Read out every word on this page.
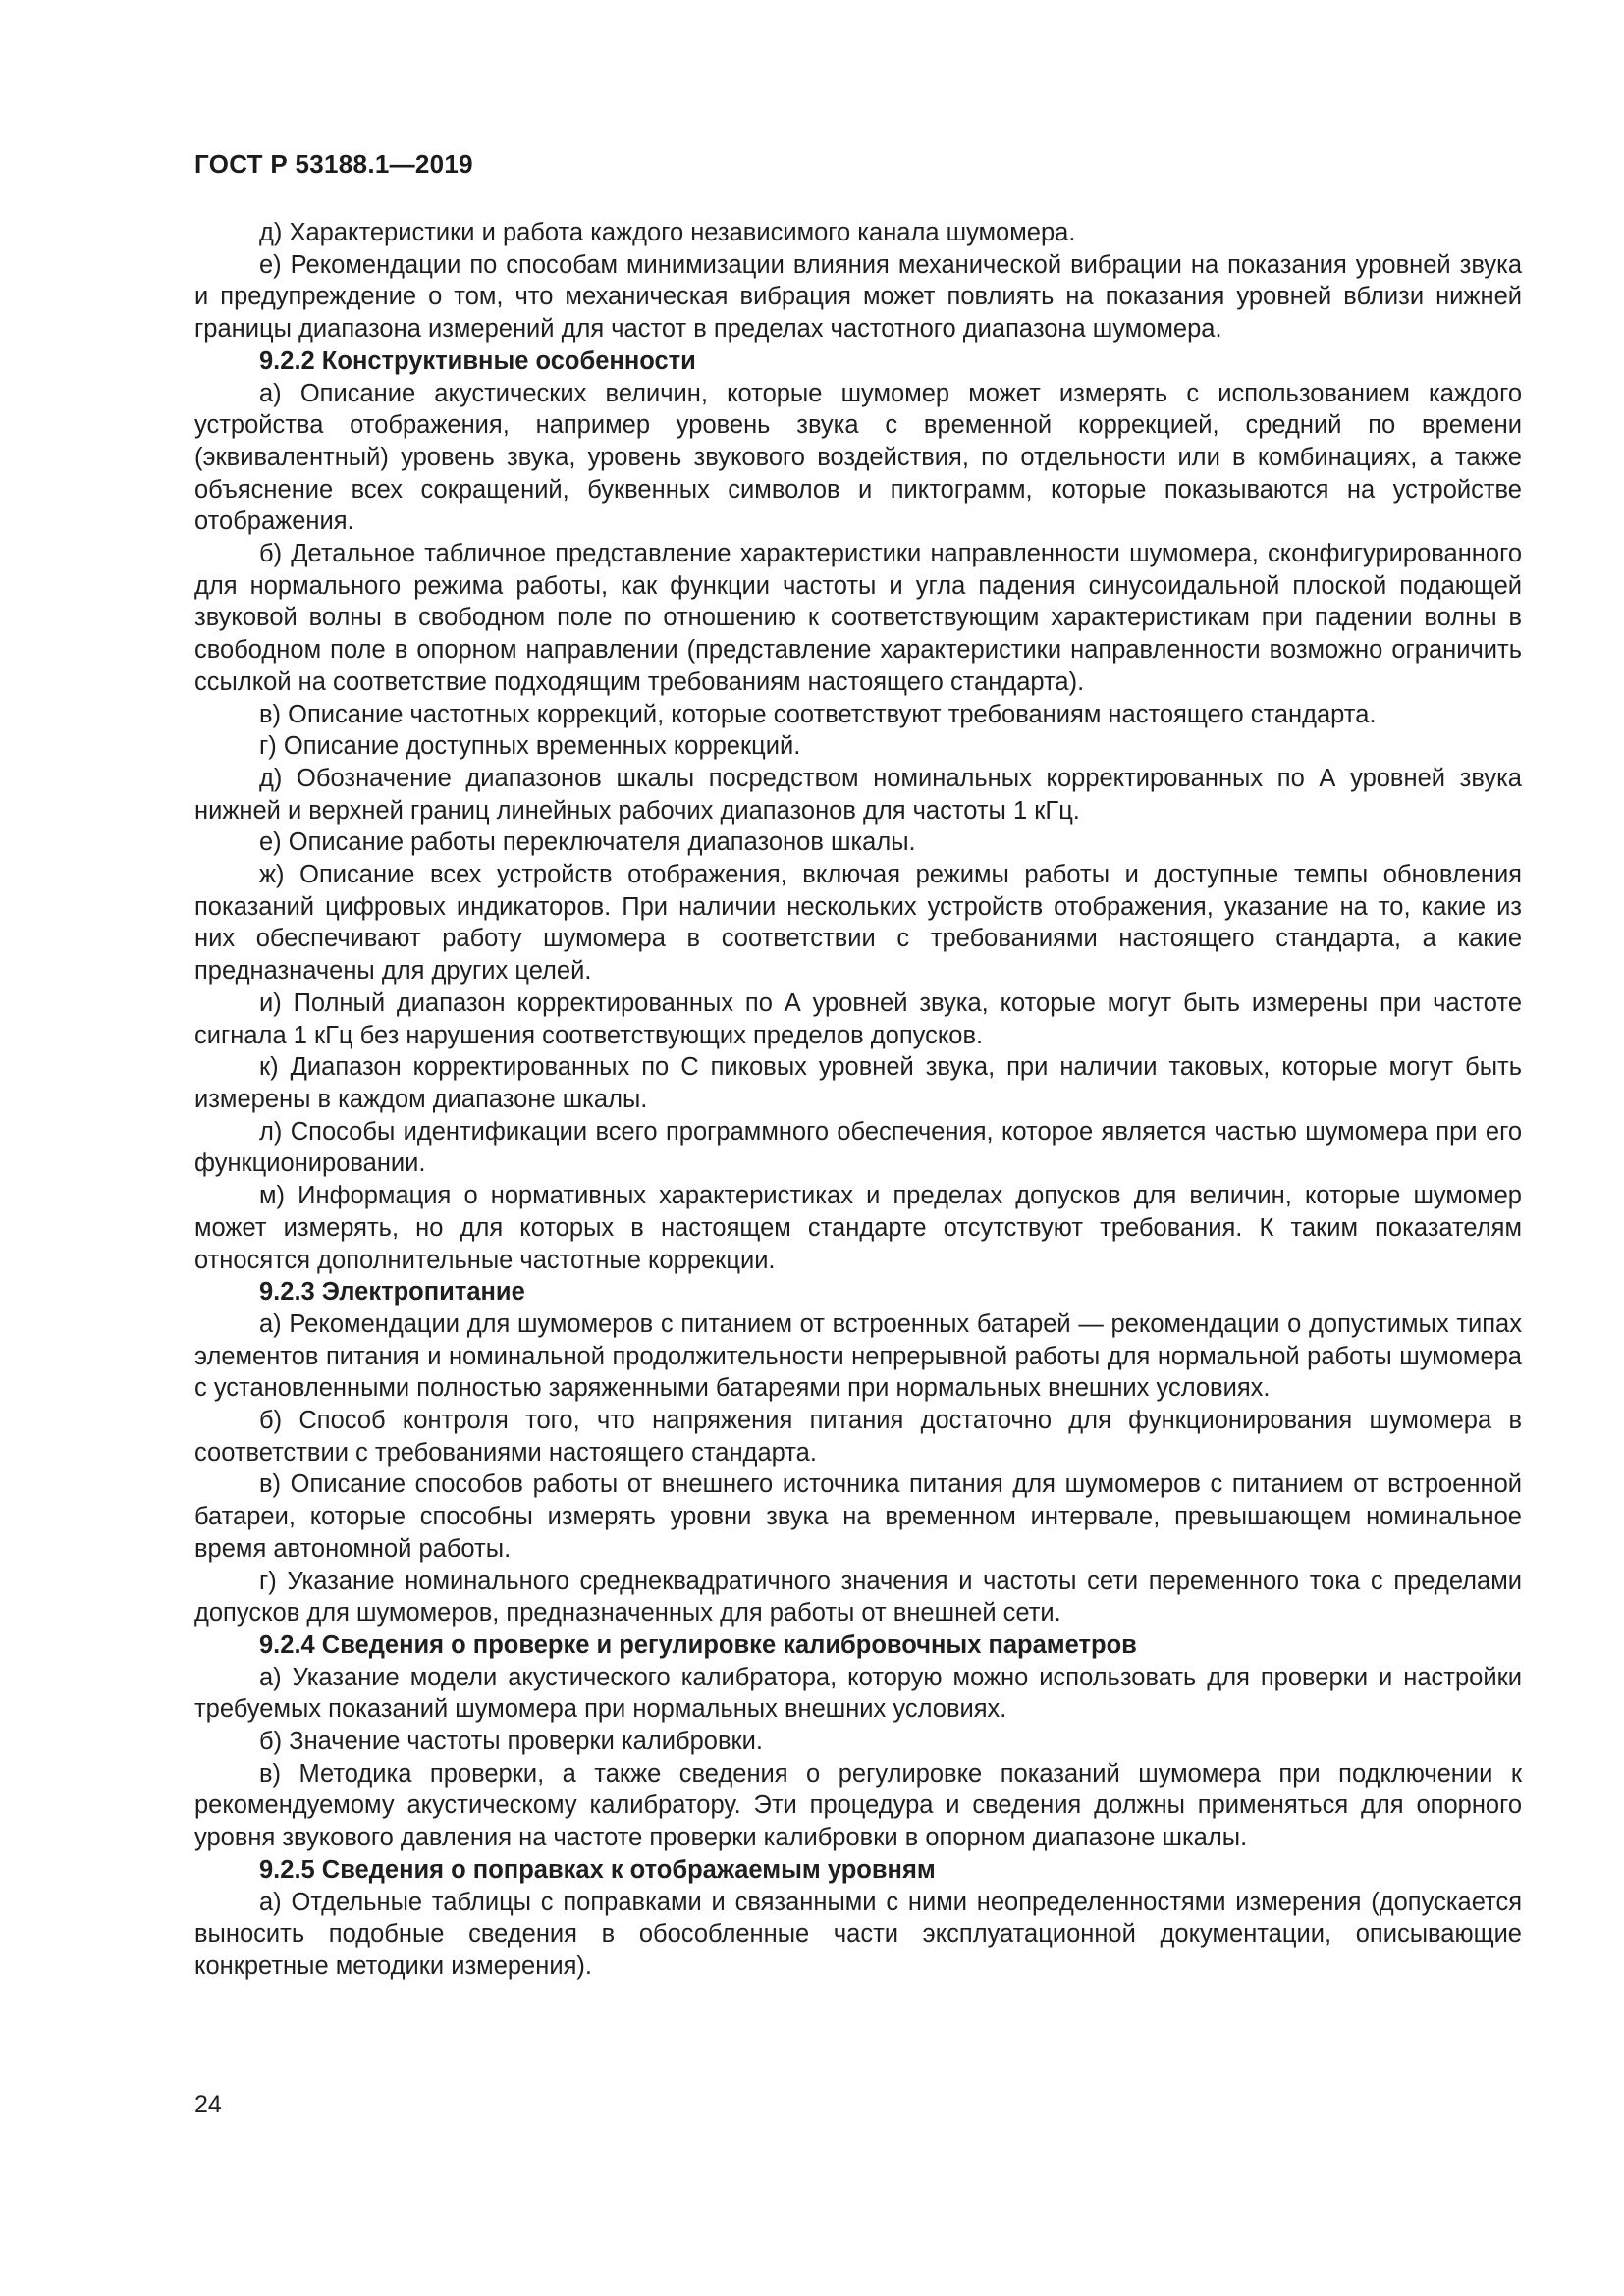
ГОСТ Р 53188.1—2019

д) Характеристики и работа каждого независимого канала шумомера.

е) Рекомендации по способам минимизации влияния механической вибрации на показания уровней звука и предупреждение о том, что механическая вибрация может повлиять на показания уровней вблизи нижней границы диапазона измерений для частот в пределах частотного диапазона шумомера.

9.2.2 Конструктивные особенности

а) Описание акустических величин, которые шумомер может измерять с использованием каждого устройства отображения, например уровень звука с временной коррекцией, средний по времени (эквивалентный) уровень звука, уровень звукового воздействия, по отдельности или в комбинациях, а также объяснение всех сокращений, буквенных символов и пиктограмм, которые показываются на устройстве отображения.

б) Детальное табличное представление характеристики направленности шумомера, сконфигурированного для нормального режима работы, как функции частоты и угла падения синусоидальной плоской подающей звуковой волны в свободном поле по отношению к соответствующим характеристикам при падении волны в свободном поле в опорном направлении (представление характеристики направленности возможно ограничить ссылкой на соответствие подходящим требованиям настоящего стандарта).

в) Описание частотных коррекций, которые соответствуют требованиям настоящего стандарта.

г) Описание доступных временных коррекций.

д) Обозначение диапазонов шкалы посредством номинальных корректированных по А уровней звука нижней и верхней границ линейных рабочих диапазонов для частоты 1 кГц.

е) Описание работы переключателя диапазонов шкалы.

ж) Описание всех устройств отображения, включая режимы работы и доступные темпы обновления показаний цифровых индикаторов. При наличии нескольких устройств отображения, указание на то, какие из них обеспечивают работу шумомера в соответствии с требованиями настоящего стандарта, а какие предназначены для других целей.

и) Полный диапазон корректированных по А уровней звука, которые могут быть измерены при частоте сигнала 1 кГц без нарушения соответствующих пределов допусков.

к) Диапазон корректированных по С пиковых уровней звука, при наличии таковых, которые могут быть измерены в каждом диапазоне шкалы.

л) Способы идентификации всего программного обеспечения, которое является частью шумомера при его функционировании.

м) Информация о нормативных характеристиках и пределах допусков для величин, которые шумомер может измерять, но для которых в настоящем стандарте отсутствуют требования. К таким показателям относятся дополнительные частотные коррекции.

9.2.3 Электропитание

а) Рекомендации для шумомеров с питанием от встроенных батарей — рекомендации о допустимых типах элементов питания и номинальной продолжительности непрерывной работы для нормальной работы шумомера с установленными полностью заряженными батареями при нормальных внешних условиях.

б) Способ контроля того, что напряжения питания достаточно для функционирования шумомера в соответствии с требованиями настоящего стандарта.

в) Описание способов работы от внешнего источника питания для шумомеров с питанием от встроенной батареи, которые способны измерять уровни звука на временном интервале, превышающем номинальное время автономной работы.

г) Указание номинального среднеквадратичного значения и частоты сети переменного тока с пределами допусков для шумомеров, предназначенных для работы от внешней сети.

9.2.4 Сведения о проверке и регулировке калибровочных параметров

а) Указание модели акустического калибратора, которую можно использовать для проверки и настройки требуемых показаний шумомера при нормальных внешних условиях.

б) Значение частоты проверки калибровки.

в) Методика проверки, а также сведения о регулировке показаний шумомера при подключении к рекомендуемому акустическому калибратору. Эти процедура и сведения должны применяться для опорного уровня звукового давления на частоте проверки калибровки в опорном диапазоне шкалы.

9.2.5 Сведения о поправках к отображаемым уровням

а) Отдельные таблицы с поправками и связанными с ними неопределенностями измерения (допускается выносить подобные сведения в обособленные части эксплуатационной документации, описывающие конкретные методики измерения).

24
